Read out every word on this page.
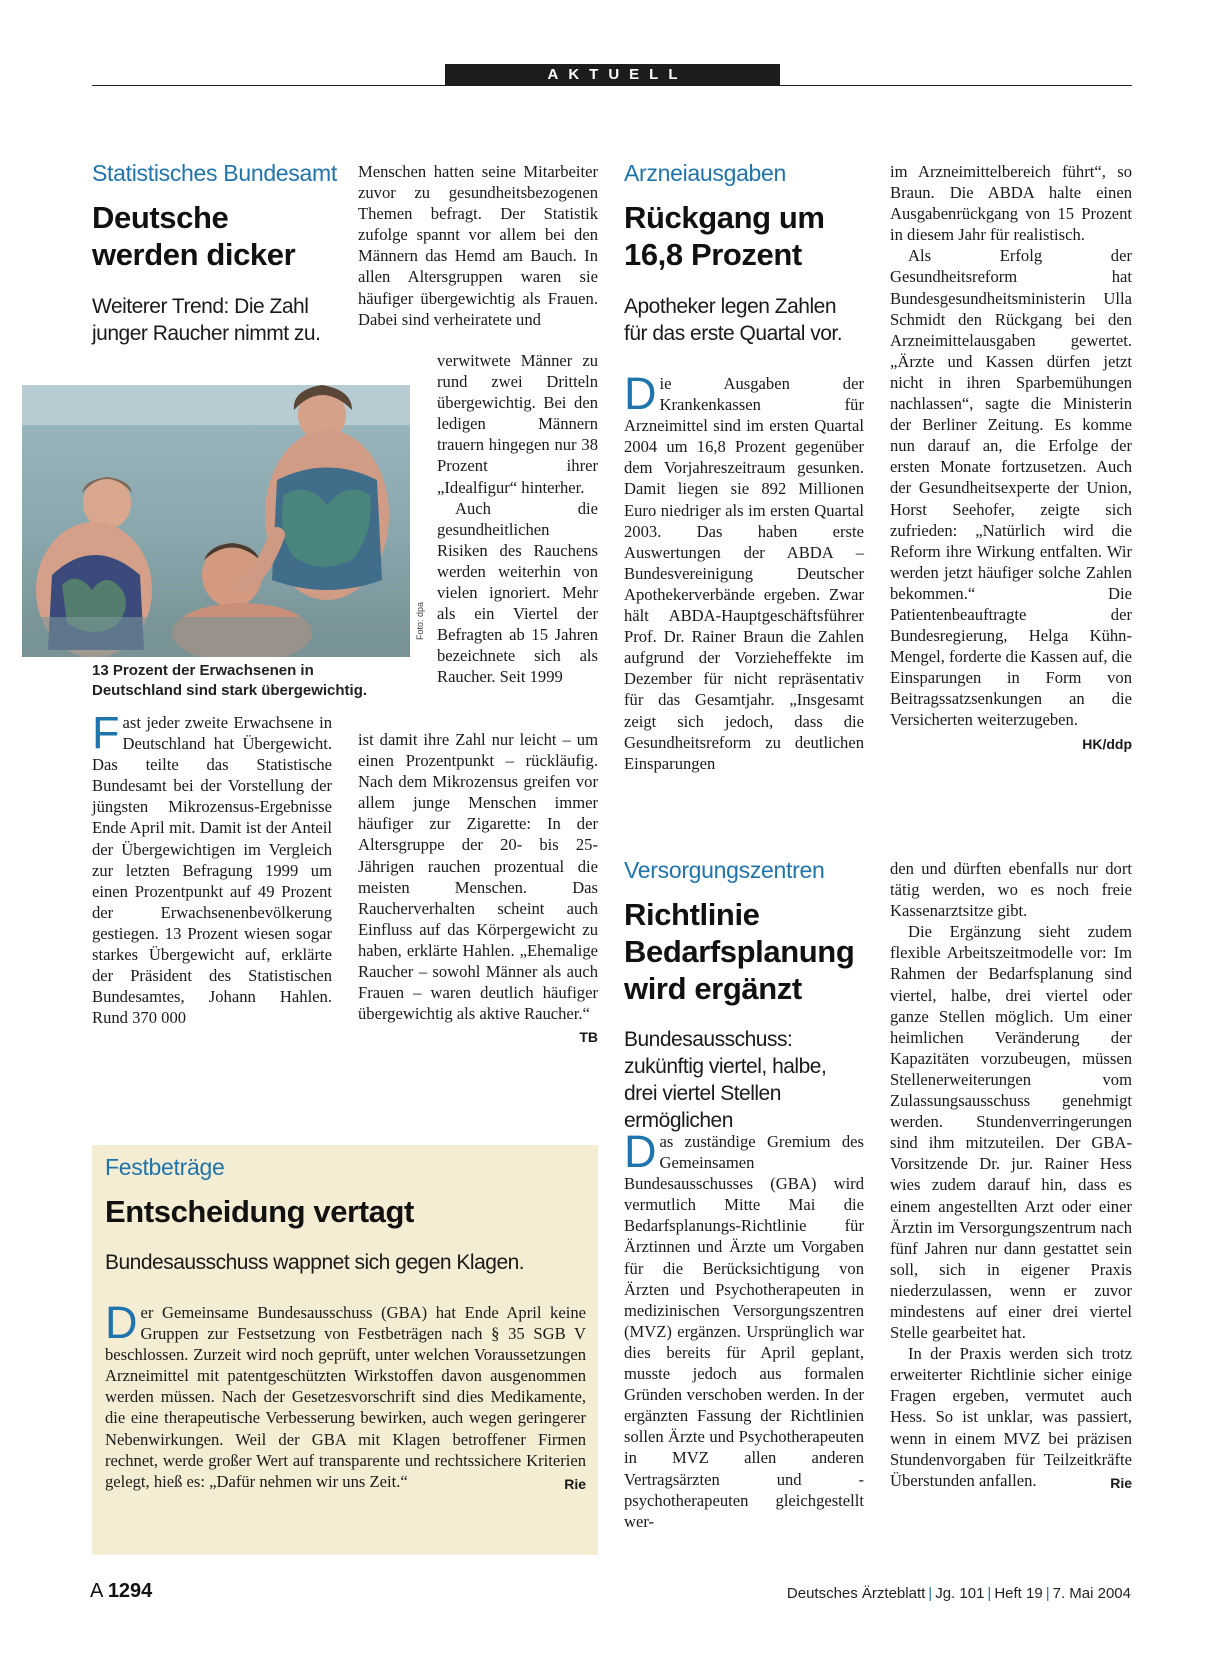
AKTUELL
Statistisches Bundesamt
Deutsche
werden dicker
Weiterer Trend: Die Zahl junger Raucher nimmt zu.
Foto: dpa
13 Prozent der Erwachsenen in Deutschland sind stark übergewichtig.

Fast jeder zweite Erwachsene in Deutschland hat Übergewicht. Das teilte das Statistische Bundesamt bei der Vorstellung der jüngsten Mikrozensus-Ergebnisse Ende April mit. Damit ist der Anteil der Übergewichtigen im Vergleich zur letzten Befragung 1999 um einen Prozentpunkt auf 49 Prozent der Erwachsenenbevölkerung gestiegen. 13 Prozent wiesen sogar starkes Übergewicht auf, erklärte der Präsident des Statistischen Bundesamtes, Johann Hahlen. Rund 370 000

Menschen hatten seine Mitarbeiter zuvor zu gesundheitsbezogenen Themen befragt. Der Statistik zufolge spannt vor allem bei den Männern das Hemd am Bauch. In allen Altersgruppen waren sie häufiger übergewichtig als Frauen. Dabei sind verheiratete und

verwitwete Männer zu rund zwei Dritteln übergewichtig. Bei den ledigen Männern trauern hingegen nur 38 Prozent ihrer „Idealfigur“ hinterher.

Auch die gesundheitlichen Risiken des Rauchens werden weiterhin von vielen ignoriert. Mehr als ein Viertel der Befragten ab 15 Jahren bezeichnete sich als Raucher. Seit 1999

ist damit ihre Zahl nur leicht – um einen Prozentpunkt – rückläufig. Nach dem Mikrozensus greifen vor allem junge Menschen immer häufiger zur Zigarette: In der Altersgruppe der 20- bis 25-Jährigen rauchen prozentual die meisten Menschen. Das Raucherverhalten scheint auch Einfluss auf das Körpergewicht zu haben, erklärte Hahlen. „Ehemalige Raucher – sowohl Männer als auch Frauen – waren deutlich häufiger übergewichtig als aktive Raucher.“
TB

Arzneiausgaben
Rückgang um
16,8 Prozent
Apotheker legen Zahlen für das erste Quartal vor.

Die Ausgaben der Krankenkassen für Arzneimittel sind im ersten Quartal 2004 um 16,8 Prozent gegenüber dem Vorjahreszeitraum gesunken. Damit liegen sie 892 Millionen Euro niedriger als im ersten Quartal 2003. Das haben erste Auswertungen der ABDA – Bundesvereinigung Deutscher Apothekerverbände ergeben. Zwar hält ABDA-Hauptgeschäftsführer Prof. Dr. Rainer Braun die Zahlen aufgrund der Vorzieheffekte im Dezember für nicht repräsentativ für das Gesamtjahr. „Insgesamt zeigt sich jedoch, dass die Gesundheitsreform zu deutlichen Einsparungen

im Arzneimittelbereich führt“, so Braun. Die ABDA halte einen Ausgabenrückgang von 15 Prozent in diesem Jahr für realistisch.

Als Erfolg der Gesundheitsreform hat Bundesgesundheitsministerin Ulla Schmidt den Rückgang bei den Arzneimittelausgaben gewertet. „Ärzte und Kassen dürfen jetzt nicht in ihren Sparbemühungen nachlassen“, sagte die Ministerin der Berliner Zeitung. Es komme nun darauf an, die Erfolge der ersten Monate fortzusetzen. Auch der Gesundheitsexperte der Union, Horst Seehofer, zeigte sich zufrieden: „Natürlich wird die Reform ihre Wirkung entfalten. Wir werden jetzt häufiger solche Zahlen bekommen.“ Die Patientenbeauftragte der Bundesregierung, Helga Kühn-Mengel, forderte die Kassen auf, die Einsparungen in Form von Beitragssatzsenkungen an die Versicherten weiterzugeben.
HK/ddp

Versorgungszentren
Richtlinie
Bedarfsplanung
wird ergänzt
Bundesausschuss: zukünftig viertel, halbe, drei viertel Stellen ermöglichen

Das zuständige Gremium des Gemeinsamen Bundesausschusses (GBA) wird vermutlich Mitte Mai die Bedarfsplanungs-Richtlinie für Ärztinnen und Ärzte um Vorgaben für die Berücksichtigung von Ärzten und Psychotherapeuten in medizinischen Versorgungszentren (MVZ) ergänzen. Ursprünglich war dies bereits für April geplant, musste jedoch aus formalen Gründen verschoben werden. In der ergänzten Fassung der Richtlinien sollen Ärzte und Psychotherapeuten in MVZ allen anderen Vertragsärzten und -psychotherapeuten gleichgestellt wer-

den und dürften ebenfalls nur dort tätig werden, wo es noch freie Kassenarztsitze gibt.

Die Ergänzung sieht zudem flexible Arbeitszeitmodelle vor: Im Rahmen der Bedarfsplanung sind viertel, halbe, drei viertel oder ganze Stellen möglich. Um einer heimlichen Veränderung der Kapazitäten vorzubeugen, müssen Stellenerweiterungen vom Zulassungsausschuss genehmigt werden. Stundenverringerungen sind ihm mitzuteilen. Der GBA-Vorsitzende Dr. jur. Rainer Hess wies zudem darauf hin, dass es einem angestellten Arzt oder einer Ärztin im Versorgungszentrum nach fünf Jahren nur dann gestattet sein soll, sich in eigener Praxis niederzulassen, wenn er zuvor mindestens auf einer drei viertel Stelle gearbeitet hat.

In der Praxis werden sich trotz erweiterter Richtlinie sicher einige Fragen ergeben, vermutet auch Hess. So ist unklar, was passiert, wenn in einem MVZ bei präzisen Stundenvorgaben für Teilzeitkräfte Überstunden anfallen.	Rie

Festbeträge
Entscheidung vertagt
Bundesausschuss wappnet sich gegen Klagen.

Der Gemeinsame Bundesausschuss (GBA) hat Ende April keine Gruppen zur Festsetzung von Festbeträgen nach § 35 SGB V beschlossen. Zurzeit wird noch geprüft, unter welchen Voraussetzungen Arzneimittel mit patentgeschützten Wirkstoffen davon ausgenommen werden müssen. Nach der Gesetzesvorschrift sind dies Medikamente, die eine therapeutische Verbesserung bewirken, auch wegen geringerer Nebenwirkungen. Weil der GBA mit Klagen betroffener Firmen rechnet, werde großer Wert auf transparente und rechtssichere Kriterien gelegt, hieß es: „Dafür nehmen wir uns Zeit.“	Rie

A 1294	Deutsches Ärzteblatt | Jg. 101 | Heft 19 | 7. Mai 2004
